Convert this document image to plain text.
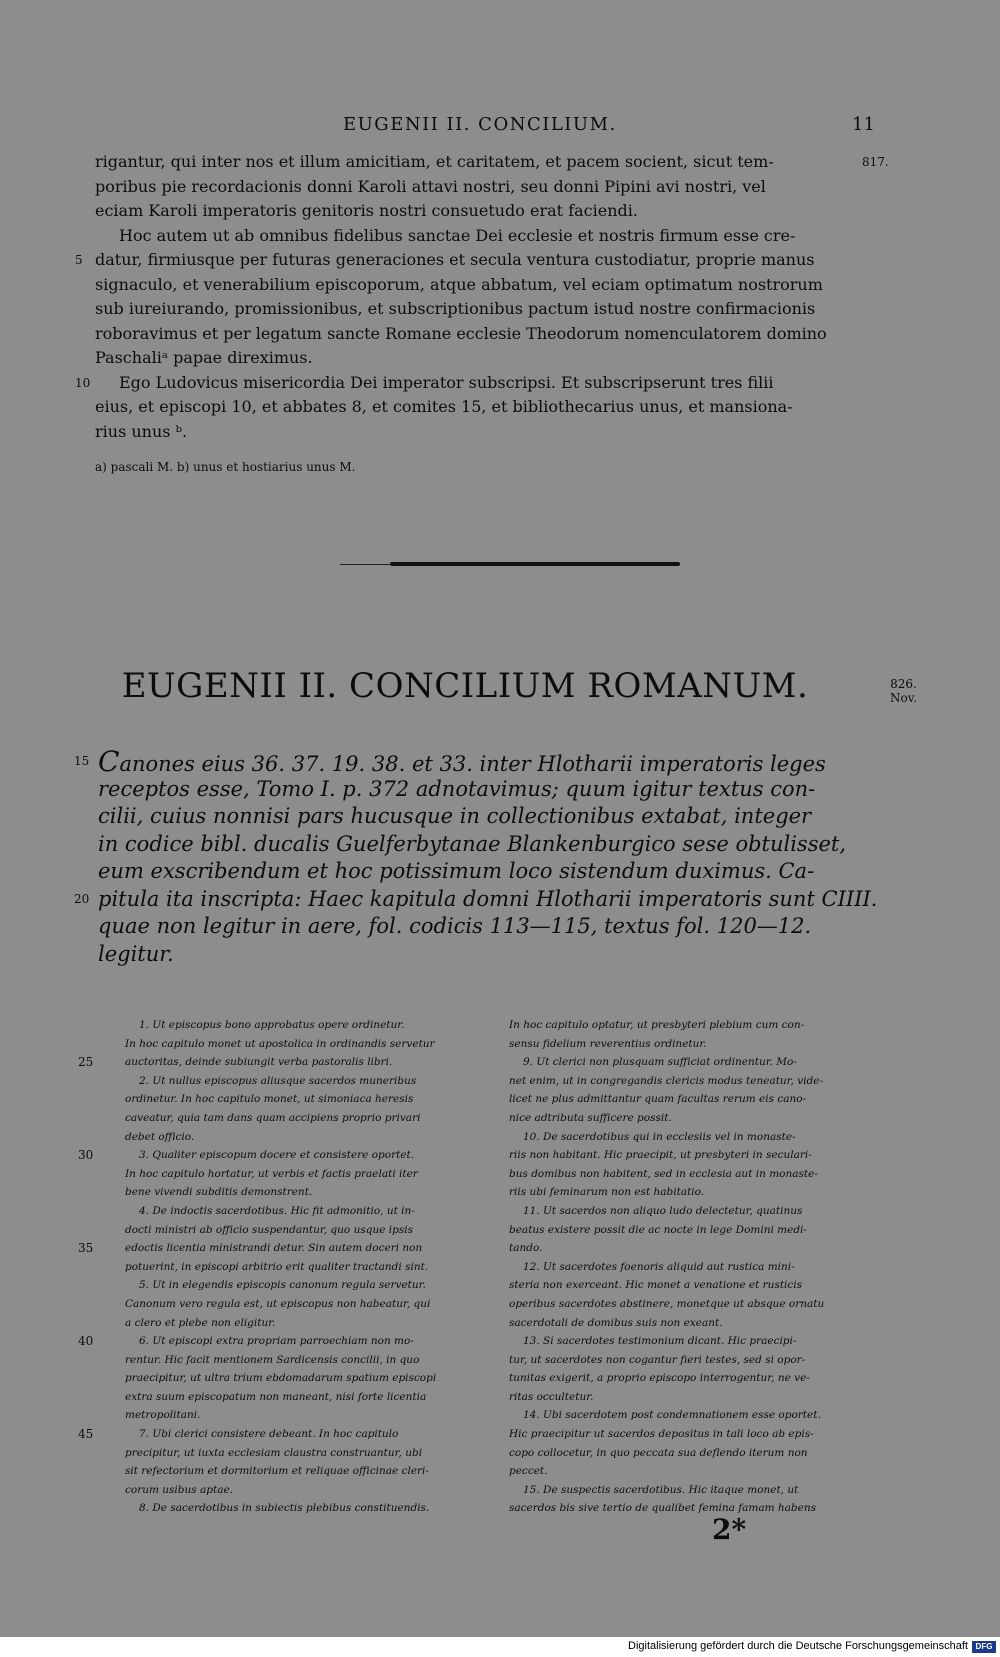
EUGENII II. CONCILIUM.	11
rigantur, qui inter nos et illum amicitiam, et caritatem, et pacem socient, sicut tem-
poribus pie recordacionis donni Karoli attavi nostri, seu donni Pipini avi nostri, vel
eciam Karoli imperatoris genitoris nostri consuetudo erat faciendi.
Hoc autem ut ab omnibus fidelibus sanctae Dei ecclesie et nostris firmum esse cre-
5 datur, firmiusque per futuras generaciones et secula ventura custodiatur, proprie manus
signaculo, et venerabilium episcoporum, atque abbatum, vel eciam optimatum nostrorum
sub iureiurando, promissionibus, et subscriptionibus pactum istud nostre confirmacionis
roboravimus et per legatum sancte Romane ecclesie Theodorum nomenculatorem domino
Paschaliᵃ papae direximus.
10 Ego Ludovicus misericordia Dei imperator subscripsi. Et subscripserunt tres filii
eius, et episcopi 10, et abbates 8, et comites 15, et bibliothecarius unus, et mansiona-
rius unus ᵇ.
817.
a) pascali M. b) unus et hostiarius unus M.
EUGENII II. CONCILIUM ROMANUM.	826.
Nov.
15 Canones eius 36. 37. 19. 38. et 33. inter Hlotharii imperatoris leges
receptos esse, Tomo I. p. 372 adnotavimus; quum igitur textus con-
cilii, cuius nonnisi pars hucusque in collectionibus extabat, integer
in codice bibl. ducalis Guelferbytanae Blankenburgico sese obtulisset,
eum exscribendum et hoc potissimum loco sistendum duximus. Ca-
20 pitula ita inscripta: Haec kapitula domni Hlotharii imperatoris sunt CIIII.
quae non legitur in aere, fol. codicis 113—115, textus fol. 120—12.
legitur.
1. Ut episcopus bono approbatus opere ordinetur.
In hoc capitulo monet ut apostolica in ordinandis servetur
25	auctoritas, deinde subiungit verba pastoralis libri.
2. Ut nullus episcopus aliusque sacerdos muneribus
ordinetur. In hoc capitulo monet, ut simoniaca heresis
caveatur, quia tam dans quam accipiens proprio privari
debet officio.
30	3. Qualiter episcopum docere et consistere oportet.
In hoc capitulo hortatur, ut verbis et factis praelati iter
bene vivendi subditis demonstrent.
4. De indoctis sacerdotibus. Hic fit admonitio, ut in-
docti ministri ab officio suspendantur, quo usque ipsis
35	edoctis licentia ministrandi detur. Sin autem doceri non
potuerint, in episcopi arbitrio erit qualiter tractandi sint.
5. Ut in elegendis episcopis canonum regula servetur.
Canonum vero regula est, ut episcopus non habeatur, qui
a clero et plebe non eligitur.
40	6. Ut episcopi extra propriam parroechiam non mo-
rentur. Hic facit mentionem Sardicensis concilii, in quo
praecipitur, ut ultra trium ebdomadarum spatium episcopi
extra suum episcopatum non maneant, nisi forte licentia
metropolitani.
45	7. Ubi clerici consistere debeant. In hoc capitulo
precipitur, ut iuxta ecclesiam claustra construantur, ubi
sit refectorium et dormitorium et reliquae officinae cleri-
corum usibus aptae.
8. De sacerdotibus in subiectis plebibus constituendis.
In hoc capitulo optatur, ut presbyteri plebium cum con-
sensu fidelium reverentius ordinetur.
9. Ut clerici non plusquam sufficiat ordinentur. Mo-
net enim, ut in congregandis clericis modus teneatur, vide-
licet ne plus admittantur quam facultas rerum eis cano-
nice adtributa sufficere possit.
10. De sacerdotibus qui in ecclesiis vel in monaste-
riis non habitant. Hic praecipit, ut presbyteri in seculari-
bus domibus non habitent, sed in ecclesia aut in monaste-
riis ubi feminarum non est habitatio.
11. Ut sacerdos non aliquo ludo delectetur, quatinus
beatus existere possit die ac nocte in lege Domini medi-
tando.
12. Ut sacerdotes foenoris aliquid aut rustica mini-
steria non exerceant. Hic monet a venatione et rusticis
operibus sacerdotes abstinere, monetque ut absque ornatu
sacerdotali de domibus suis non exeant.
13. Si sacerdotes testimonium dicant. Hic praecipi-
tur, ut sacerdotes non cogantur fieri testes, sed si opor-
tunitas exigerit, a proprio episcopo interrogentur, ne ve-
ritas occultetur.
14. Ubi sacerdotem post condemnationem esse oportet.
Hic praecipitur ut sacerdos depositus in tali loco ab epis-
copo collocetur, in quo peccata sua deflendo iterum non
peccet.
15. De suspectis sacerdotibus. Hic itaque monet, ut
sacerdos bis sive tertio de qualibet femina famam habens
2*
Digitalisierung gefördert durch die Deutsche Forschungsgemeinschaft DFG
